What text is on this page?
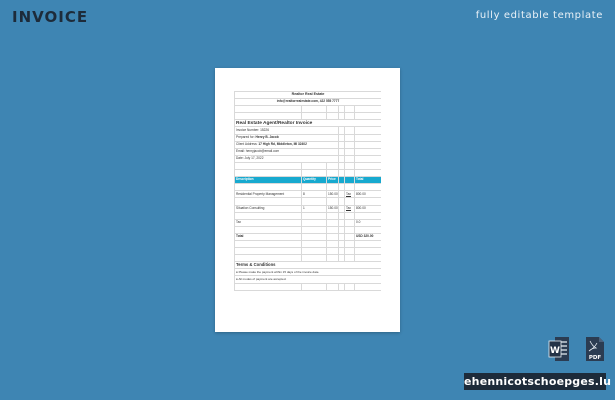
INVOICE	fully editable template
Realtor Real Estate					
info@realtorrealestate.com, 422 555 7777					

Real Estate Agent/Realtor Invoice					
Invoice Number: 15226					
Prepared for: Henry B. Jacob					
Client Address: 17 High Rd, Middleton, MI 32402					
Email: henryjacob@email.com					
Date: July 17, 2022					

Description	Quantity	Price			Total

Residential Property Management	8	150.00		Tax	800.00

Situation Consulting	1	150.00		Tax	800.00

Tax					0.0

Total					USD 320.00

Terms & Conditions					
● Please make the payment within 15 days of the invoice date.					
● All modes of payment are accepted.					

W
PDF
ehennicotschoepges.lu
